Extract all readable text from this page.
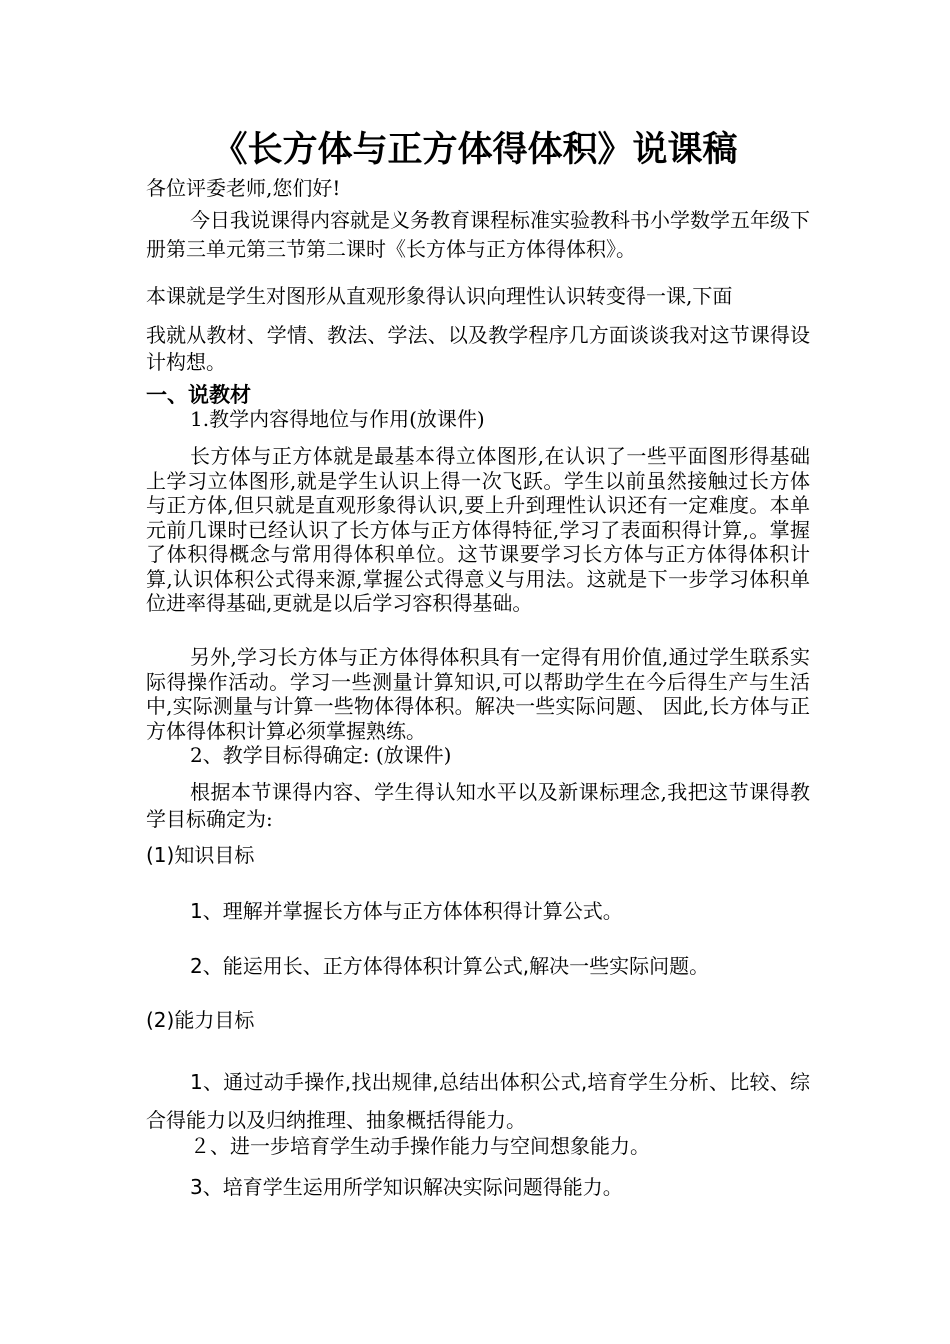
《长方体与正方体得体积》说课稿

各位评委老师,您们好!

今日我说课得内容就是义务教育课程标准实验教科书小学数学五年级下册第三单元第三节第二课时《长方体与正方体得体积》。

本课就是学生对图形从直观形象得认识向理性认识转变得一课,下面

我就从教材、学情、教法、学法、以及教学程序几方面谈谈我对这节课得设计构想。

一、说教材

1.教学内容得地位与作用(放课件)

长方体与正方体就是最基本得立体图形,在认识了一些平面图形得基础上学习立体图形,就是学生认识上得一次飞跃。学生以前虽然接触过长方体与正方体,但只就是直观形象得认识,要上升到理性认识还有一定难度。本单元前几课时已经认识了长方体与正方体得特征,学习了表面积得计算,。掌握了体积得概念与常用得体积单位。这节课要学习长方体与正方体得体积计算,认识体积公式得来源,掌握公式得意义与用法。这就是下一步学习体积单位进率得基础,更就是以后学习容积得基础。

另外,学习长方体与正方体得体积具有一定得有用价值,通过学生联系实际得操作活动。学习一些测量计算知识,可以帮助学生在今后得生产与生活中,实际测量与计算一些物体得体积。解决一些实际问题、 因此,长方体与正方体得体积计算必须掌握熟练。

2、教学目标得确定: (放课件)

根据本节课得内容、学生得认知水平以及新课标理念,我把这节课得教学目标确定为:

(1)知识目标

1、理解并掌握长方体与正方体体积得计算公式。

2、能运用长、正方体得体积计算公式,解决一些实际问题。

(2)能力目标

1、通过动手操作,找出规律,总结出体积公式,培育学生分析、比较、综合得能力以及归纳推理、抽象概括得能力。

２、进一步培育学生动手操作能力与空间想象能力。

3、培育学生运用所学知识解决实际问题得能力。
